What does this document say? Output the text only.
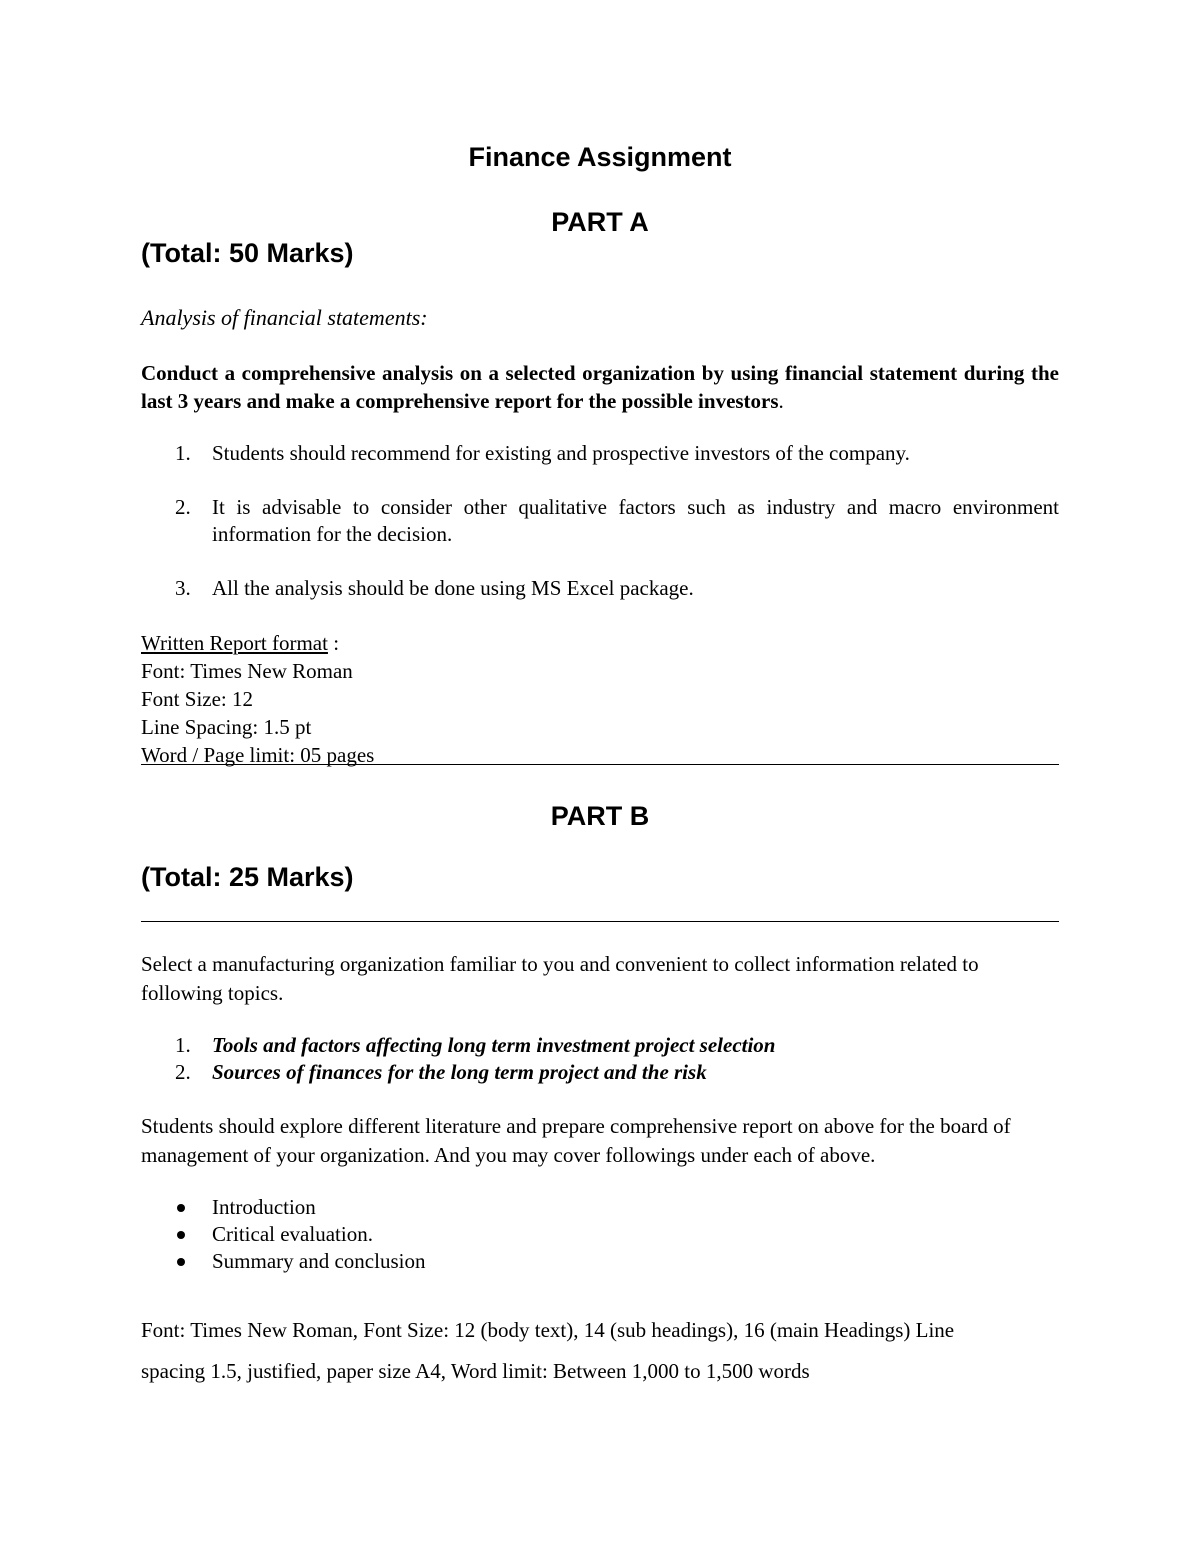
Finance Assignment
PART A
(Total: 50 Marks)
Analysis of financial statements:

Conduct a comprehensive analysis on a selected organization by using financial statement during the last 3 years and make a comprehensive report for the possible investors.

1. Students should recommend for existing and prospective investors of the company.
2. It is advisable to consider other qualitative factors such as industry and macro environment information for the decision.
3. All the analysis should be done using MS Excel package.
Written Report format :
Font: Times New Roman
Font Size: 12
Line Spacing: 1.5 pt
Word / Page limit: 05 pages
PART B
(Total: 25 Marks)

Select a manufacturing organization familiar to you and convenient to collect information related to following topics.

1. Tools and factors affecting long term investment project selection
2. Sources of finances for the long term project and the risk

Students should explore different literature and prepare comprehensive report on above for the board of management of your organization. And you may cover followings under each of above.

Introduction
Critical evaluation.
Summary and conclusion
Font: Times New Roman, Font Size: 12 (body text), 14 (sub headings), 16 (main Headings) Line
spacing 1.5, justified, paper size A4, Word limit: Between 1,000 to 1,500 words
